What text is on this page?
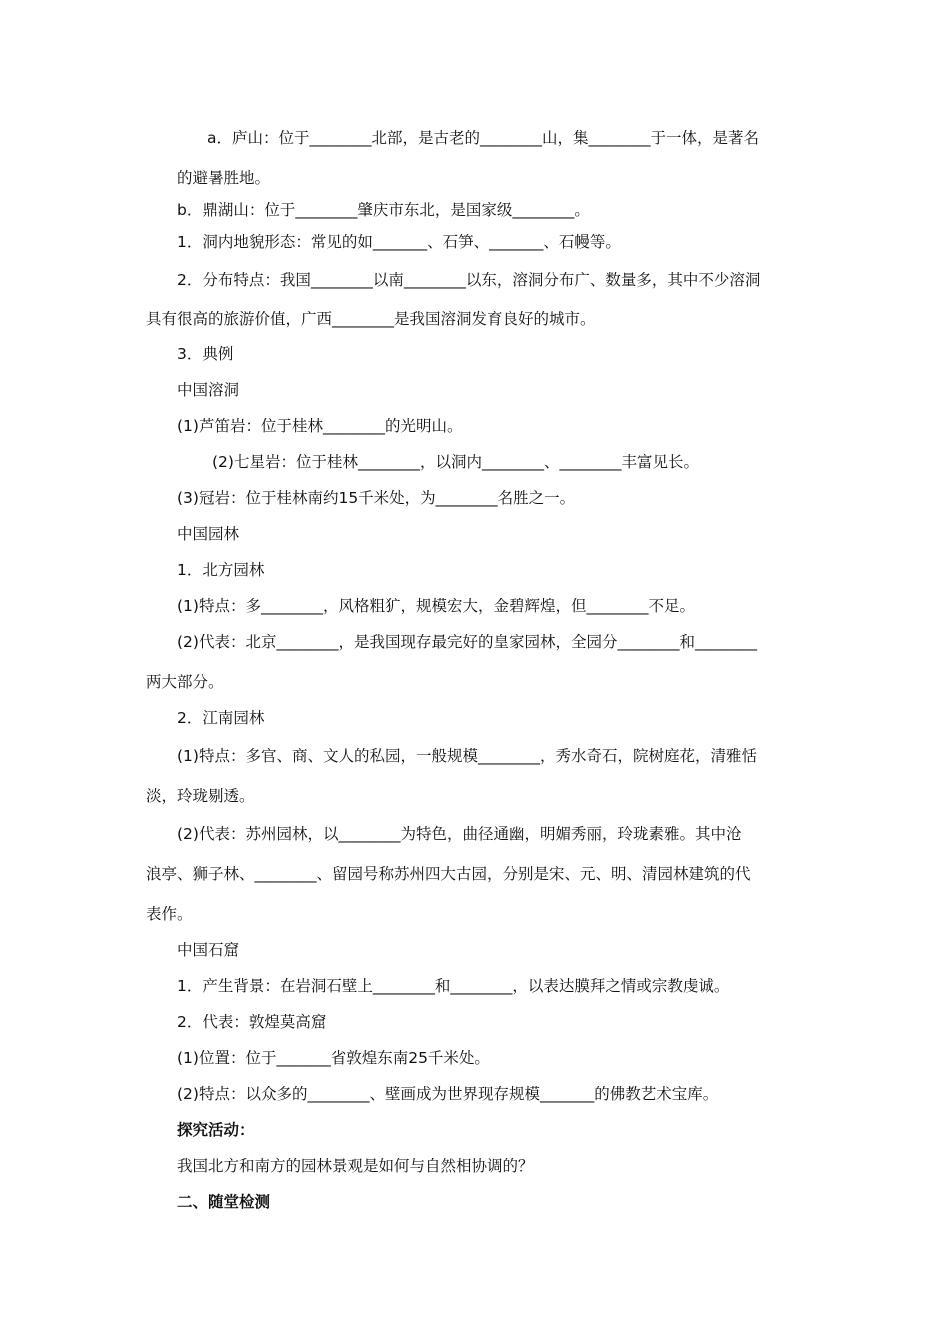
a．庐山：位于________北部，是古老的________山，集________于一体，是著名
的避暑胜地。
b．鼎湖山：位于________肇庆市东北，是国家级________。
1．洞内地貌形态：常见的如_______、石笋、_______、石幔等。
2．分布特点：我国________以南________以东，溶洞分布广、数量多，其中不少溶洞
具有很高的旅游价值，广西________是我国溶洞发育良好的城市。
3．典例
中国溶洞
(1)芦笛岩：位于桂林________的光明山。
(2)七星岩：位于桂林________，以洞内________、________丰富见长。
(3)冠岩：位于桂林南约15千米处，为________名胜之一。
中国园林
1．北方园林
(1)特点：多________，风格粗犷，规模宏大，金碧辉煌，但________不足。
(2)代表：北京________，是我国现存最完好的皇家园林，全园分________和________
两大部分。
2．江南园林
(1)特点：多官、商、文人的私园，一般规模________，秀水奇石，院树庭花，清雅恬
淡，玲珑剔透。
(2)代表：苏州园林，以________为特色，曲径通幽，明媚秀丽，玲珑素雅。其中沧
浪亭、狮子林、________、留园号称苏州四大古园，分别是宋、元、明、清园林建筑的代
表作。
中国石窟
1．产生背景：在岩洞石壁上________和________，以表达膜拜之情或宗教虔诚。
2．代表：敦煌莫高窟
(1)位置：位于_______省敦煌东南25千米处。
(2)特点：以众多的________、壁画成为世界现存规模_______的佛教艺术宝库。
探究活动：
我国北方和南方的园林景观是如何与自然相协调的？
二、随堂检测
